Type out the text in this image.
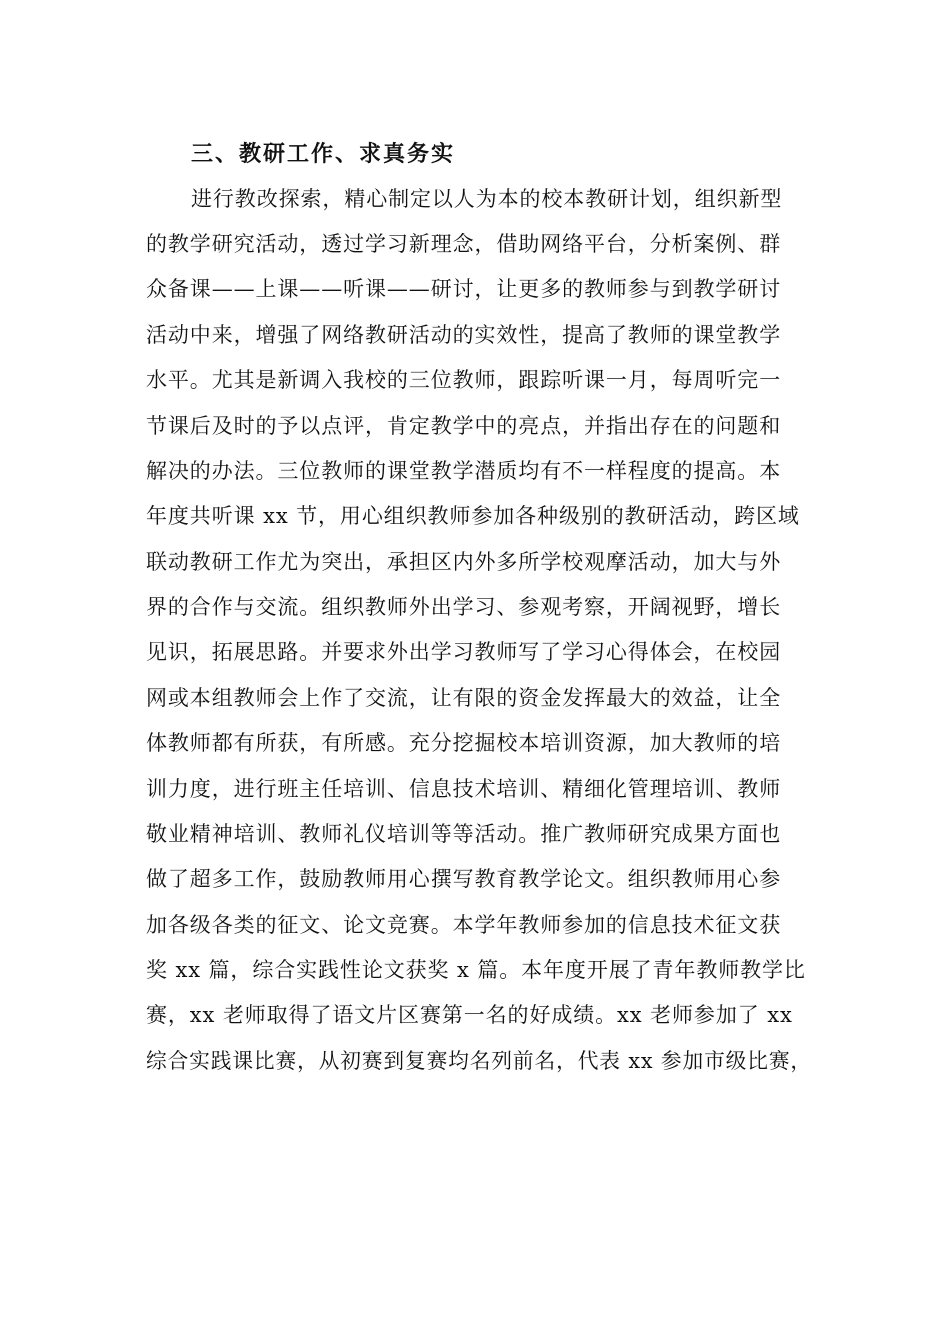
三、教研工作、求真务实
进行教改探索，精心制定以人为本的校本教研计划，组织新型
的教学研究活动，透过学习新理念，借助网络平台，分析案例、群
众备课——上课——听课——研讨，让更多的教师参与到教学研讨
活动中来，增强了网络教研活动的实效性，提高了教师的课堂教学
水平。尤其是新调入我校的三位教师，跟踪听课一月，每周听完一
节课后及时的予以点评，肯定教学中的亮点，并指出存在的问题和
解决的办法。三位教师的课堂教学潜质均有不一样程度的提高。本
年度共听课 xx 节，用心组织教师参加各种级别的教研活动，跨区域
联动教研工作尤为突出，承担区内外多所学校观摩活动，加大与外
界的合作与交流。组织教师外出学习、参观考察，开阔视野，增长
见识，拓展思路。并要求外出学习教师写了学习心得体会，在校园
网或本组教师会上作了交流，让有限的资金发挥最大的效益，让全
体教师都有所获，有所感。充分挖掘校本培训资源，加大教师的培
训力度，进行班主任培训、信息技术培训、精细化管理培训、教师
敬业精神培训、教师礼仪培训等等活动。推广教师研究成果方面也
做了超多工作，鼓励教师用心撰写教育教学论文。组织教师用心参
加各级各类的征文、论文竞赛。本学年教师参加的信息技术征文获
奖 xx 篇，综合实践性论文获奖 x 篇。本年度开展了青年教师教学比
赛，xx 老师取得了语文片区赛第一名的好成绩。xx 老师参加了 xx
综合实践课比赛，从初赛到复赛均名列前名，代表 xx 参加市级比赛，
